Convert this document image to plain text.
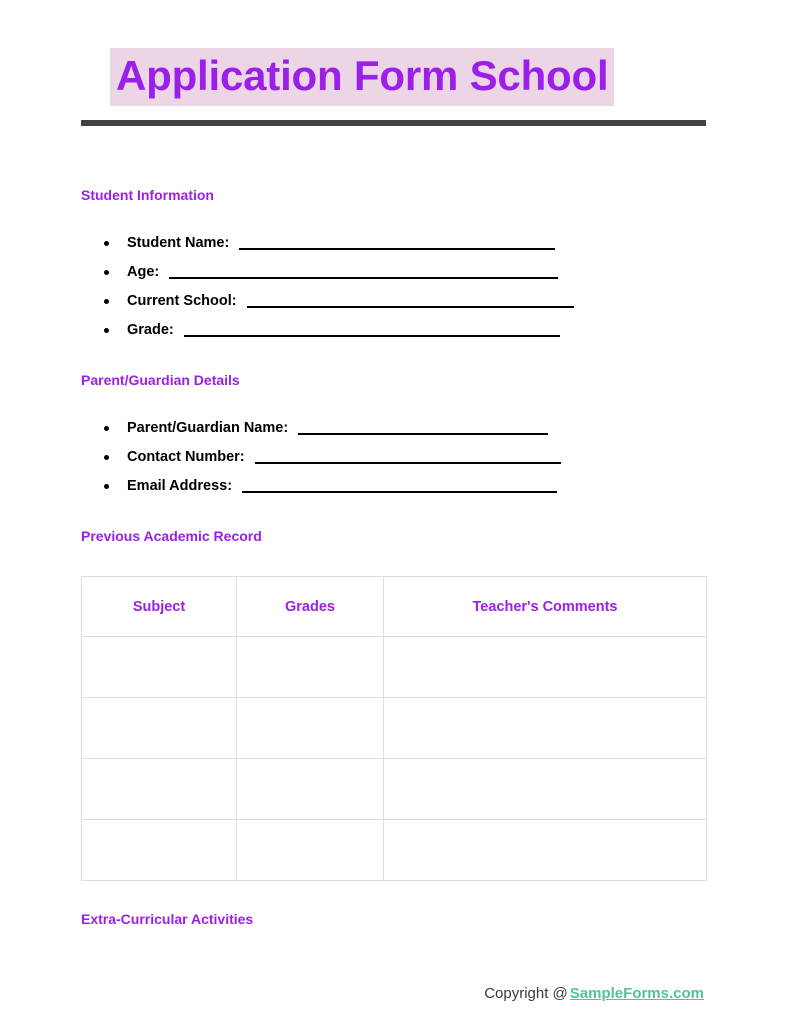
Application Form School
Student Information
Student Name:
Age:
Current School:
Grade:
Parent/Guardian Details
Parent/Guardian Name:
Contact Number:
Email Address:
Previous Academic Record
Subject	Grades	Teacher's Comments

Extra-Curricular Activities
Copyright @ SampleForms.com
